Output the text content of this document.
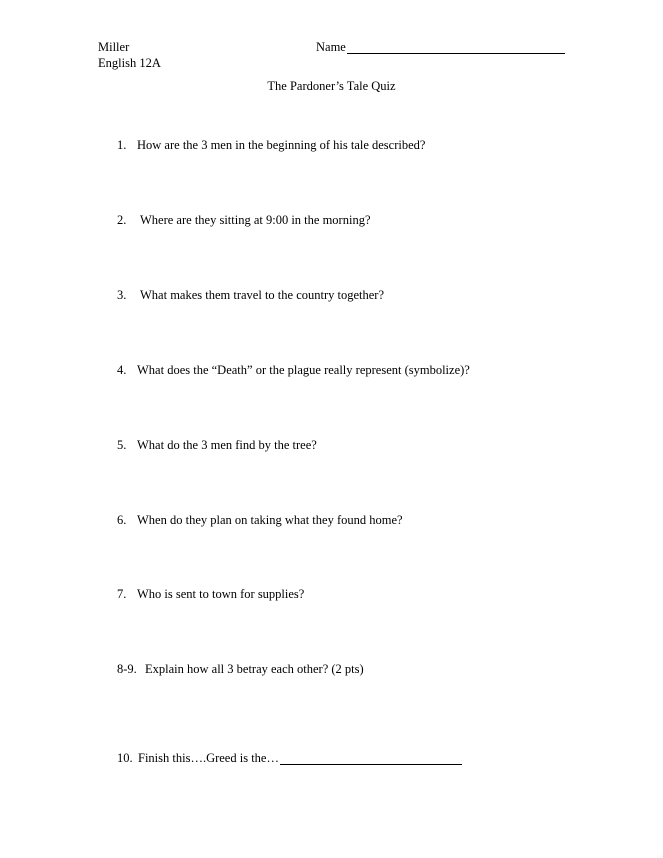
Miller
English 12A
Name
The Pardoner’s Tale Quiz
1. How are the 3 men in the beginning of his tale described?
2. Where are they sitting at 9:00 in the morning?
3. What makes them travel to the country together?
4. What does the “Death” or the plague really represent (symbolize)?
5. What do the 3 men find by the tree?
6. When do they plan on taking what they found home?
7. Who is sent to town for supplies?
8-9. Explain how all 3 betray each other? (2 pts)
10. Finish this….Greed is the…
